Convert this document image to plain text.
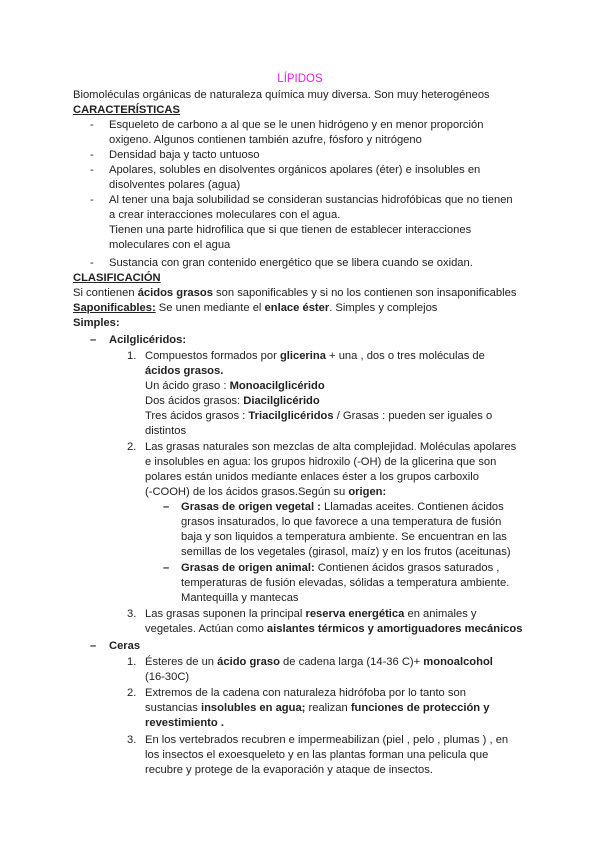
LÍPIDOS
Biomoléculas orgánicas de naturaleza química muy diversa. Son muy heterogéneos
CARACTERÍSTICAS
- Esqueleto de carbono a al que se le unen hidrógeno y en menor proporción
oxigeno. Algunos contienen también azufre, fósforo y nitrógeno
- Densidad baja y tacto untuoso
- Apolares, solubles en disolventes orgánicos apolares (éter) e insolubles en
disolventes polares (agua)
- Al tener una baja solubilidad se consideran sustancias hidrofóbicas que no tienen
a crear interacciones moleculares con el agua.
Tienen una parte hidrofilica que si que tienen de establecer interacciones
moleculares con el agua
- Sustancia con gran contenido energético que se libera cuando se oxidan.
CLASIFICACIÓN
Si contienen ácidos grasos son saponificables y si no los contienen son insaponificables
Saponificables: Se unen mediante el enlace éster. Simples y complejos
Simples:
– Acilglicéridos:
1. Compuestos formados por glicerina + una , dos o tres moléculas de
ácidos grasos.
Un ácido graso : Monoacilglicérido
Dos ácidos grasos: Diacilglicérido
Tres ácidos grasos : Triacilglicéridos / Grasas : pueden ser iguales o
distintos
2. Las grasas naturales son mezclas de alta complejidad. Moléculas apolares
e insolubles en agua: los grupos hidroxilo (-OH) de la glicerina que son
polares están unidos mediante enlaces éster a los grupos carboxilo
(-COOH) de los ácidos grasos.Según su origen:
– Grasas de origen vegetal : Llamadas aceites. Contienen ácidos
grasos insaturados, lo que favorece a una temperatura de fusión
baja y son liquidos a temperatura ambiente. Se encuentran en las
semillas de los vegetales (girasol, maíz) y en los frutos (aceitunas)
– Grasas de origen animal: Contienen ácidos grasos saturados ,
temperaturas de fusión elevadas, sólidas a temperatura ambiente.
Mantequilla y mantecas
3. Las grasas suponen la principal reserva energética en animales y
vegetales. Actúan como aislantes térmicos y amortiguadores mecánicos
– Ceras
1. Ésteres de un ácido graso de cadena larga (14-36 C)+ monoalcohol
(16-30C)
2. Extremos de la cadena con naturaleza hidrófoba por lo tanto son
sustancias insolubles en agua; realizan funciones de protección y
revestimiento .
3. En los vertebrados recubren e impermeabilizan (piel , pelo , plumas ) , en
los insectos el exoesqueleto y en las plantas forman una pelicula que
recubre y protege de la evaporación y ataque de insectos.
